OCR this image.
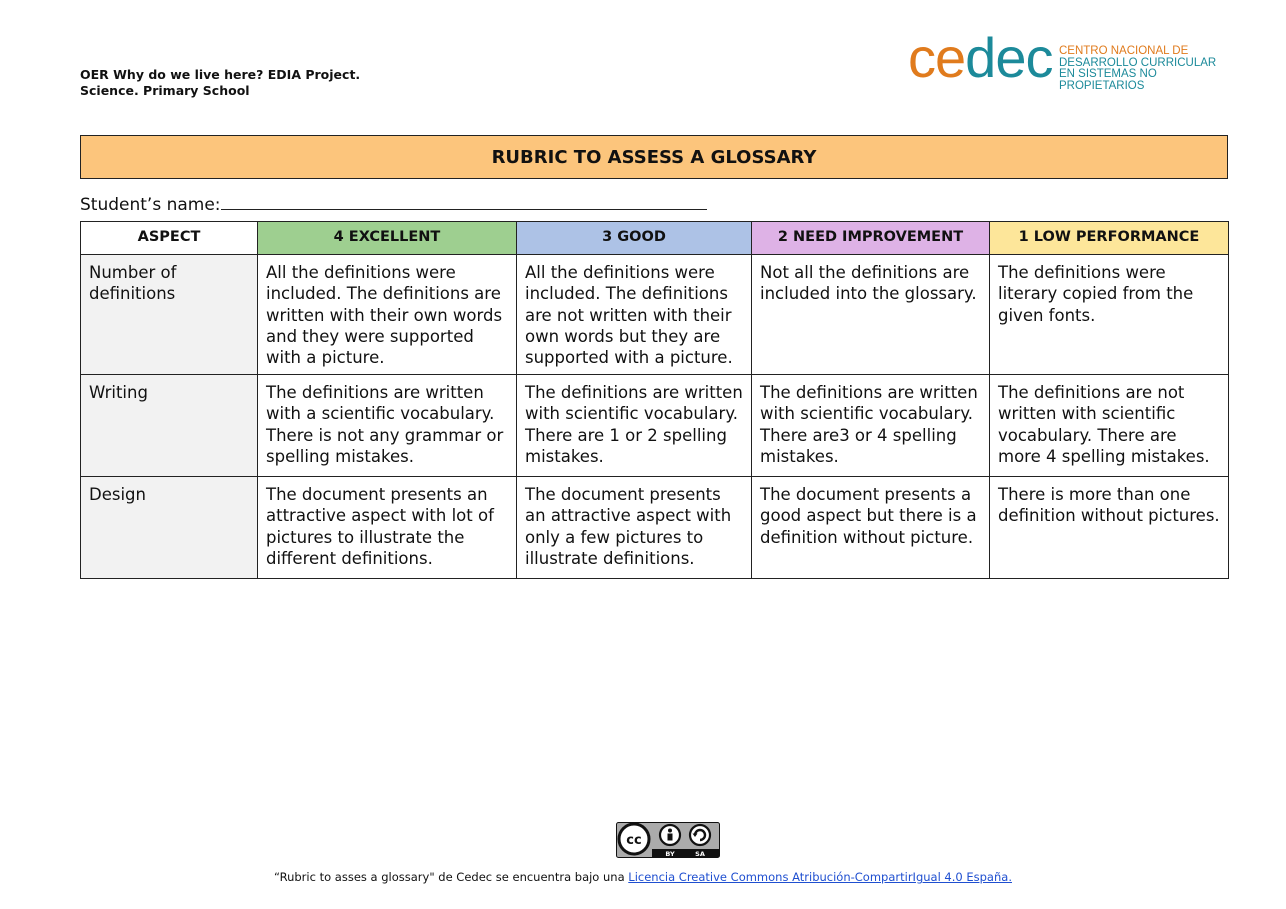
OER Why do we live here? EDIA Project.
Science. Primary School
cedec CENTRO NACIONAL DE
DESARROLLO CURRICULAR
EN SISTEMAS NO PROPIETARIOS
RUBRIC TO ASSESS A GLOSSARY
Student’s name:
ASPECT	4 EXCELLENT	3 GOOD	2 NEED IMPROVEMENT	1 LOW PERFORMANCE
Number of definitions	All the definitions were included. The definitions are written with their own words and they were supported with a picture.	All the definitions were included. The definitions are not written with their own words but they are supported with a picture.	Not all the definitions are included into the glossary.	The definitions were literary copied from the given fonts.
Writing	The definitions are written with a scientific vocabulary. There is not any grammar or spelling mistakes.	The definitions are written with scientific vocabulary. There are 1 or 2 spelling mistakes.	The definitions are written with scientific vocabulary. There are3 or 4 spelling mistakes.	The definitions are not written with scientific vocabulary. There are more 4 spelling mistakes.
Design	The document presents an attractive aspect with lot of pictures to illustrate the different definitions.	The document presents an attractive aspect with only a few pictures to illustrate definitions.	The document presents a good aspect but there is a definition without picture.	There is more than one definition without pictures.
cc
BY	SA
“Rubric to asses a glossary" de Cedec se encuentra bajo una Licencia Creative Commons Atribución-CompartirIgual 4.0 España.
